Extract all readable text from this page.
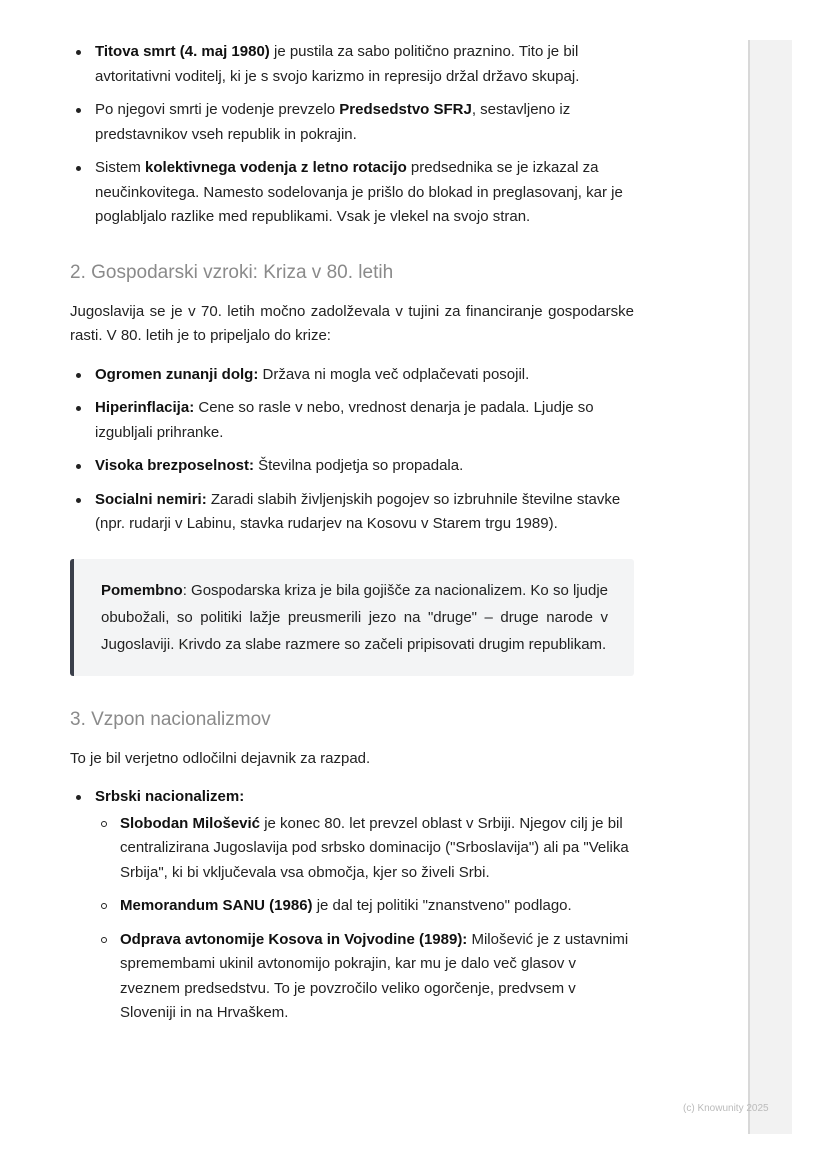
Titova smrt (4. maj 1980) je pustila za sabo politično praznino. Tito je bil avtoritativni voditelj, ki je s svojo karizmo in represijo držal državo skupaj.
Po njegovi smrti je vodenje prevzelo Predsedstvo SFRJ, sestavljeno iz predstavnikov vseh republik in pokrajin.
Sistem kolektivnega vodenja z letno rotacijo predsednika se je izkazal za neučinkovitega. Namesto sodelovanja je prišlo do blokad in preglasovanj, kar je poglabljalo razlike med republikami. Vsak je vlekel na svojo stran.
2. Gospodarski vzroki: Kriza v 80. letih

Jugoslavija se je v 70. letih močno zadolževala v tujini za financiranje gospodarske rasti. V 80. letih je to pripeljalo do krize:

Ogromen zunanji dolg: Država ni mogla več odplačevati posojil.
Hiperinflacija: Cene so rasle v nebo, vrednost denarja je padala. Ljudje so izgubljali prihranke.
Visoka brezposelnost: Številna podjetja so propadala.
Socialni nemiri: Zaradi slabih življenjskih pogojev so izbruhnile številne stavke (npr. rudarji v Labinu, stavka rudarjev na Kosovu v Starem trgu 1989).
Pomembno: Gospodarska kriza je bila gojišče za nacionalizem. Ko so ljudje obubožali, so politiki lažje preusmerili jezo na "druge" – druge narode v Jugoslaviji. Krivdo za slabe razmere so začeli pripisovati drugim republikam.
3. Vzpon nacionalizmov

To je bil verjetno odločilni dejavnik za razpad.

Srbski nacionalizem:
Slobodan Milošević je konec 80. let prevzel oblast v Srbiji. Njegov cilj je bil centralizirana Jugoslavija pod srbsko dominacijo ("Srboslavija") ali pa "Velika Srbija", ki bi vključevala vsa območja, kjer so živeli Srbi.
Memorandum SANU (1986) je dal tej politiki "znanstveno" podlago.
Odprava avtonomije Kosova in Vojvodine (1989): Milošević je z ustavnimi spremembami ukinil avtonomijo pokrajin, kar mu je dalo več glasov v zveznem predsedstvu. To je povzročilo veliko ogorčenje, predvsem v Sloveniji in na Hrvaškem.
(c) Knowunity 2025
